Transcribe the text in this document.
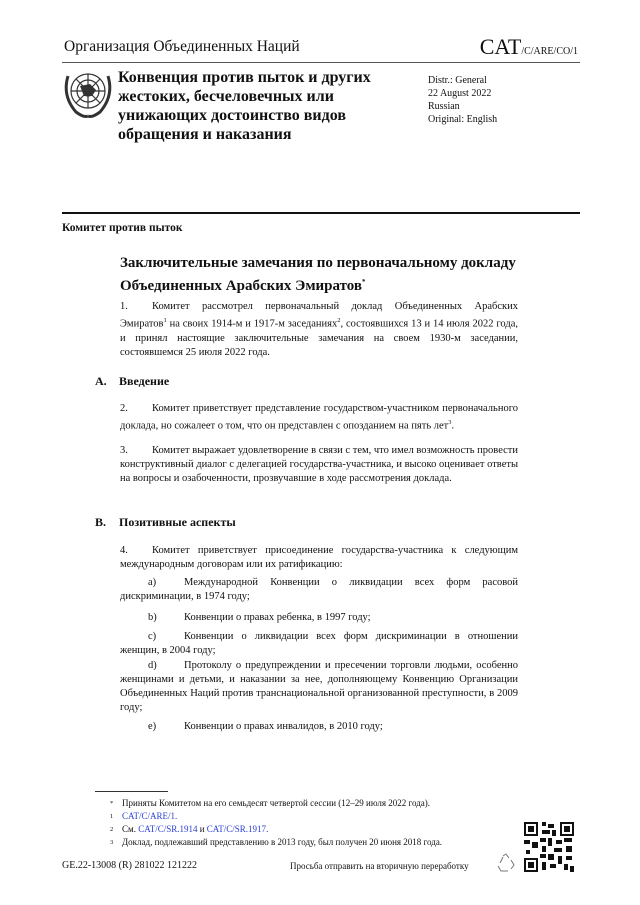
Организация Объединенных Наций	CAT/C/ARE/CO/1
Конвенция против пыток и других жестоких, бесчеловечных или унижающих достоинство видов обращения и наказания
Distr.: General
22 August 2022
Russian
Original: English
Комитет против пыток
Заключительные замечания по первоначальному докладу Объединенных Арабских Эмиратов*
1. Комитет рассмотрел первоначальный доклад Объединенных Арабских Эмиратов$^1$ на своих 1914-м и 1917-м заседаниях$^2$, состоявшихся 13 и 14 июля 2022 года, и принял настоящие заключительные замечания на своем 1930-м заседании, состоявшемся 25 июля 2022 года.
A. Введение
2. Комитет приветствует представление государством-участником первоначального доклада, но сожалеет о том, что он представлен с опозданием на пять лет$^3$.
3. Комитет выражает удовлетворение в связи с тем, что имел возможность провести конструктивный диалог с делегацией государства-участника, и высоко оценивает ответы на вопросы и озабоченности, прозвучавшие в ходе рассмотрения доклада.
B. Позитивные аспекты
4. Комитет приветствует присоединение государства-участника к следующим международным договорам или их ратификацию:
a)	Международной Конвенции о ликвидации всех форм расовой дискриминации, в 1974 году;
b)	Конвенции о правах ребенка, в 1997 году;
c)	Конвенции о ликвидации всех форм дискриминации в отношении женщин, в 2004 году;
d)	Протоколу о предупреждении и пресечении торговли людьми, особенно женщинами и детьми, и наказании за нее, дополняющему Конвенцию Организации Объединенных Наций против транснациональной организованной преступности, в 2009 году;
e)	Конвенции о правах инвалидов, в 2010 году;
* Приняты Комитетом на его семьдесят четвертой сессии (12–29 июля 2022 года).
1 CAT/C/ARE/1.
2 См. CAT/C/SR.1914 и CAT/C/SR.1917.
3 Доклад, подлежавший представлению в 2013 году, был получен 20 июня 2018 года.
GE.22-13008 (R) 281022 121222	Просьба отправить на вторичную переработку
